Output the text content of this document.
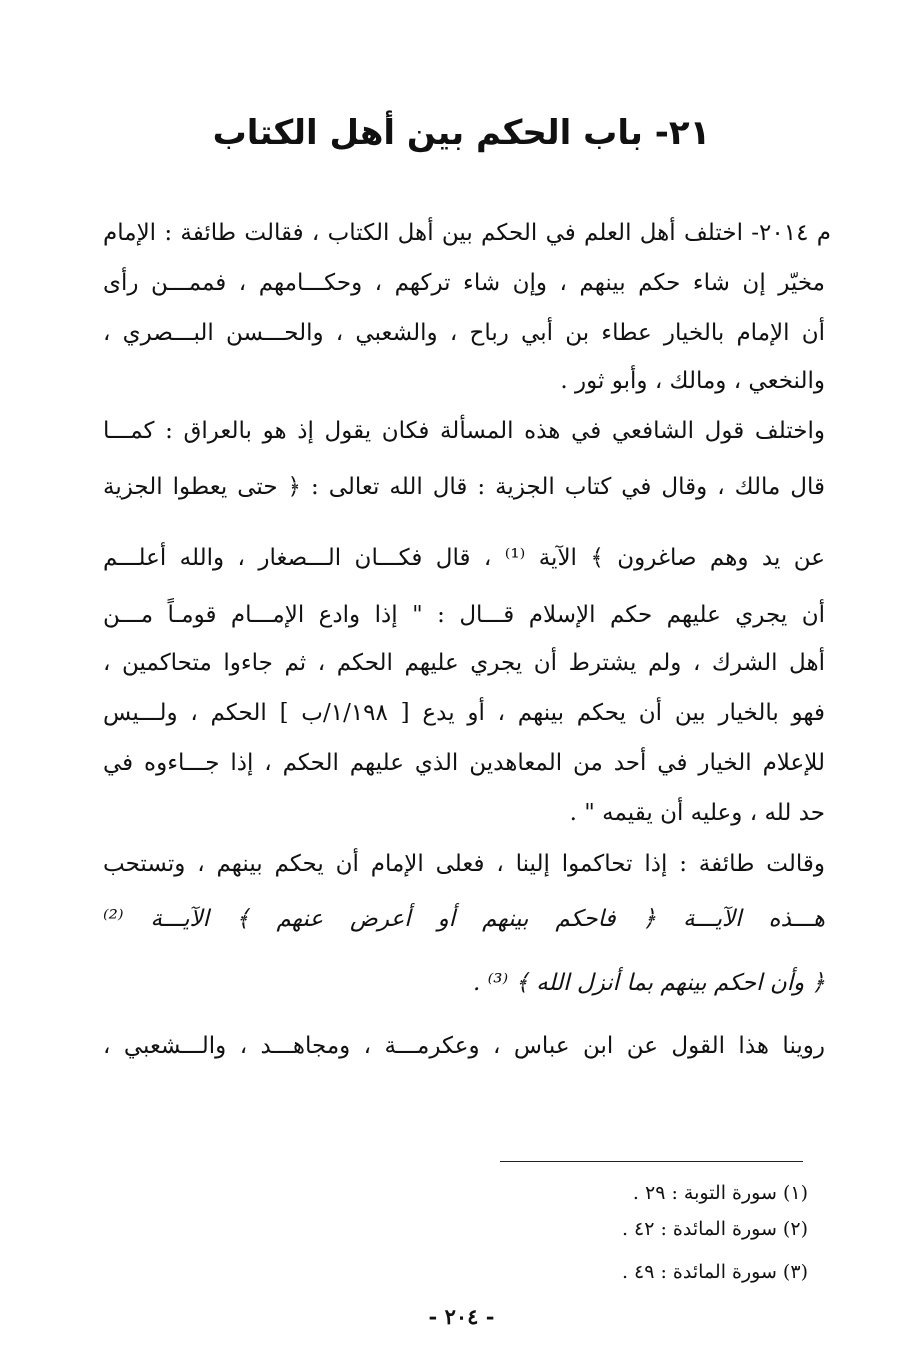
٢١- باب الحكم بين أهل الكتاب
م ٢٠١٤- اختلف أهل العلم في الحكم بين أهل الكتاب ، فقالت طائفة : الإمام
مخيّر إن شاء حكم بينهم ، وإن شاء تركهم ، وحكـــامهم ، فممـــن رأى
أن الإمام بالخيار عطاء بن أبي رباح ، والشعبي ، والحـــسن البـــصري ،
والنخعي ، ومالك ، وأبو ثور .
واختلف قول الشافعي في هذه المسألة فكان يقول إذ هو بالعراق : كمـــا
قال مالك ، وقال في كتاب الجزية : قال الله تعالى : ﴿ حتى يعطوا الجزية
عن يد وهم صاغرون ﴾ الآية ⁽¹⁾ ، قال فكـــان الـــصغار ، والله أعلـــم
أن يجري عليهم حكم الإسلام قـــال : " إذا وادع الإمـــام قومـاً مـــن
أهل الشرك ، ولم يشترط أن يجري عليهم الحكم ، ثم جاءوا متحاكمين ،
فهو بالخيار بين أن يحكم بينهم ، أو يدع [ ١/١٩٨/ب ] الحكم ، ولـــيس
للإعلام الخيار في أحد من المعاهدين الذي عليهم الحكم ، إذا جـــاءوه في
حد لله ، وعليه أن يقيمه " .
وقالت طائفة : إذا تحاكموا إلينا ، فعلى الإمام أن يحكم بينهم ، وتستحب
هـــذه الآيـــة ﴿ فاحكم بينهم أو أعرض عنهم ﴾ الآيـــة ⁽²⁾
﴿ وأن احكم بينهم بما أنزل الله ﴾ ⁽³⁾ .
روينا هذا القول عن ابن عباس ، وعكرمـــة ، ومجاهـــد ، والـــشعبي ،
(١) سورة التوبة : ٢٩ .
(٢) سورة المائدة : ٤٢ .
(٣) سورة المائدة : ٤٩ .
- ٢٠٤ -
